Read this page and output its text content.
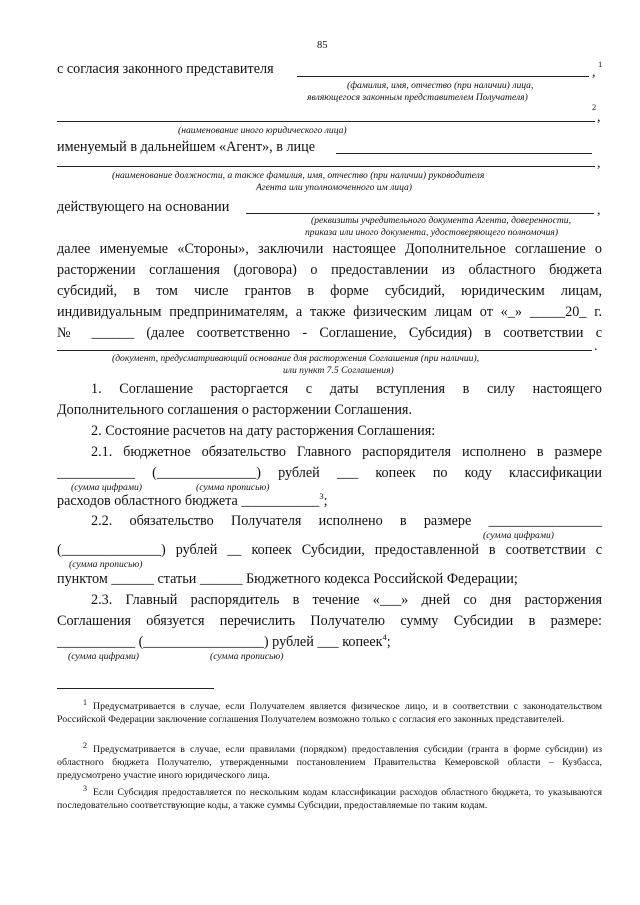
85
с согласия законного представителя	,
1
(фамилия, имя, отчество (при наличии) лица,
являющегося законным представителем Получателя)
2
,
(наименование иного юридического лица)
именуемый в дальнейшем «Агент», в лице
,
(наименование должности, а также фамилия, имя, отчество (при наличии) руководителя
Агента или уполномоченного им лица)
действующего на основании	,
(реквизиты учредительного документа Агента, доверенности,
приказа или иного документа, удостоверяющего полномочия)
далее именуемые «Стороны», заключили настоящее Дополнительное соглашение о
расторжении соглашения (договора) о предоставлении из областного бюджета
субсидий, в том числе грантов в форме субсидий, юридическим лицам,
индивидуальным предпринимателям, а также физическим лицам от «_» _____20_ г.
№ ______ (далее соответственно - Соглашение, Субсидия) в соответствии с
.
(документ, предусматривающий основание для расторжения Соглашения (при наличии),
или пункт 7.5 Соглашения)
1. Соглашение расторгается с даты вступления в силу настоящего
Дополнительного соглашения о расторжении Соглашения.
2. Состояние расчетов на дату расторжения Соглашения:
2.1. бюджетное обязательство Главного распорядителя исполнено в размере
___________ (______________) рублей ___ копеек по коду классификации
(сумма цифрами)	(сумма прописью)
расходов областного бюджета ___________$^3$;
2.2. обязательство Получателя исполнено в размере ________________
(сумма цифрами)
(______________) рублей __ копеек Субсидии, предоставленной в соответствии с
(сумма прописью)
пунктом ______ статьи ______ Бюджетного кодекса Российской Федерации;
2.3. Главный распорядитель в течение «___» дней со дня расторжения
Соглашения обязуется перечислить Получателю сумму Субсидии в размере:
___________ (_________________) рублей ___ копеек$^4$;
(сумма цифрами)	(сумма прописью)
$^1$ Предусматривается в случае, если Получателем является физическое лицо, и в соответствии с законодательством Российской Федерации заключение соглашения Получателем возможно только с согласия его законных представителей.
$^2$ Предусматривается в случае, если правилами (порядком) предоставления субсидии (гранта в форме субсидии) из областного бюджета Получателю, утвержденными постановлением Правительства Кемеровской области – Кузбасса, предусмотрено участие иного юридического лица.
$^3$ Если Субсидия предоставляется по нескольким кодам классификации расходов областного бюджета, то указываются последовательно соответствующие коды, а также суммы Субсидии, предоставляемые по таким кодам.
